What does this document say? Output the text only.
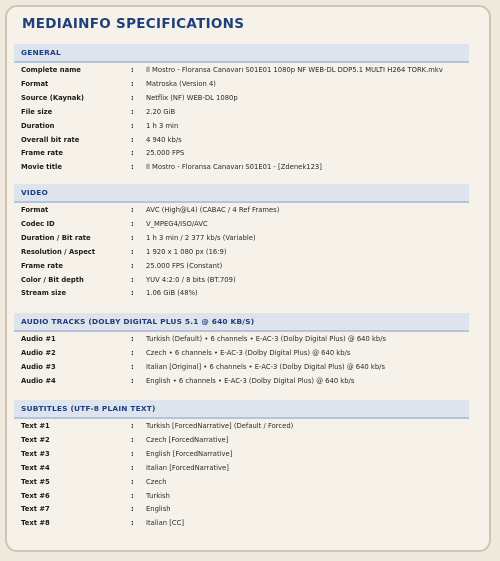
MEDIAINFO SPECIFICATIONS
GENERAL
Complete name	: Il Mostro - Floransa Canavarı S01E01 1080p NF WEB-DL DDP5.1 MULTI H264 TORK.mkv
Format	: Matroska (Version 4)
Source (Kaynak)	: Netflix (NF) WEB-DL 1080p
File size	: 2.20 GiB
Duration	: 1 h 3 min
Overall bit rate	: 4 940 kb/s
Frame rate	: 25.000 FPS
Movie title	: Il Mostro - Floransa Canavarı S01E01 - [Zdenek123]
VIDEO
Format	: AVC (High@L4) (CABAC / 4 Ref Frames)
Codec ID	: V_MPEG4/ISO/AVC
Duration / Bit rate	: 1 h 3 min / 2 377 kb/s (Variable)
Resolution / Aspect	: 1 920 x 1 080 px (16:9)
Frame rate	: 25.000 FPS (Constant)
Color / Bit depth	: YUV 4:2:0 / 8 bits (BT.709)
Stream size	: 1.06 GiB (48%)
AUDIO TRACKS (DOLBY DIGITAL PLUS 5.1 @ 640 KB/S)
Audio #1	: Turkish (Default) • 6 channels • E-AC-3 (Dolby Digital Plus) @ 640 kb/s
Audio #2	: Czech • 6 channels • E-AC-3 (Dolby Digital Plus) @ 640 kb/s
Audio #3	: Italian [Original] • 6 channels • E-AC-3 (Dolby Digital Plus) @ 640 kb/s
Audio #4	: English • 6 channels • E-AC-3 (Dolby Digital Plus) @ 640 kb/s
SUBTITLES (UTF-8 PLAIN TEXT)
Text #1	: Turkish [ForcedNarrative] (Default / Forced)
Text #2	: Czech [ForcedNarrative]
Text #3	: English [ForcedNarrative]
Text #4	: Italian [ForcedNarrative]
Text #5	: Czech
Text #6	: Turkish
Text #7	: English
Text #8	: Italian [CC]
